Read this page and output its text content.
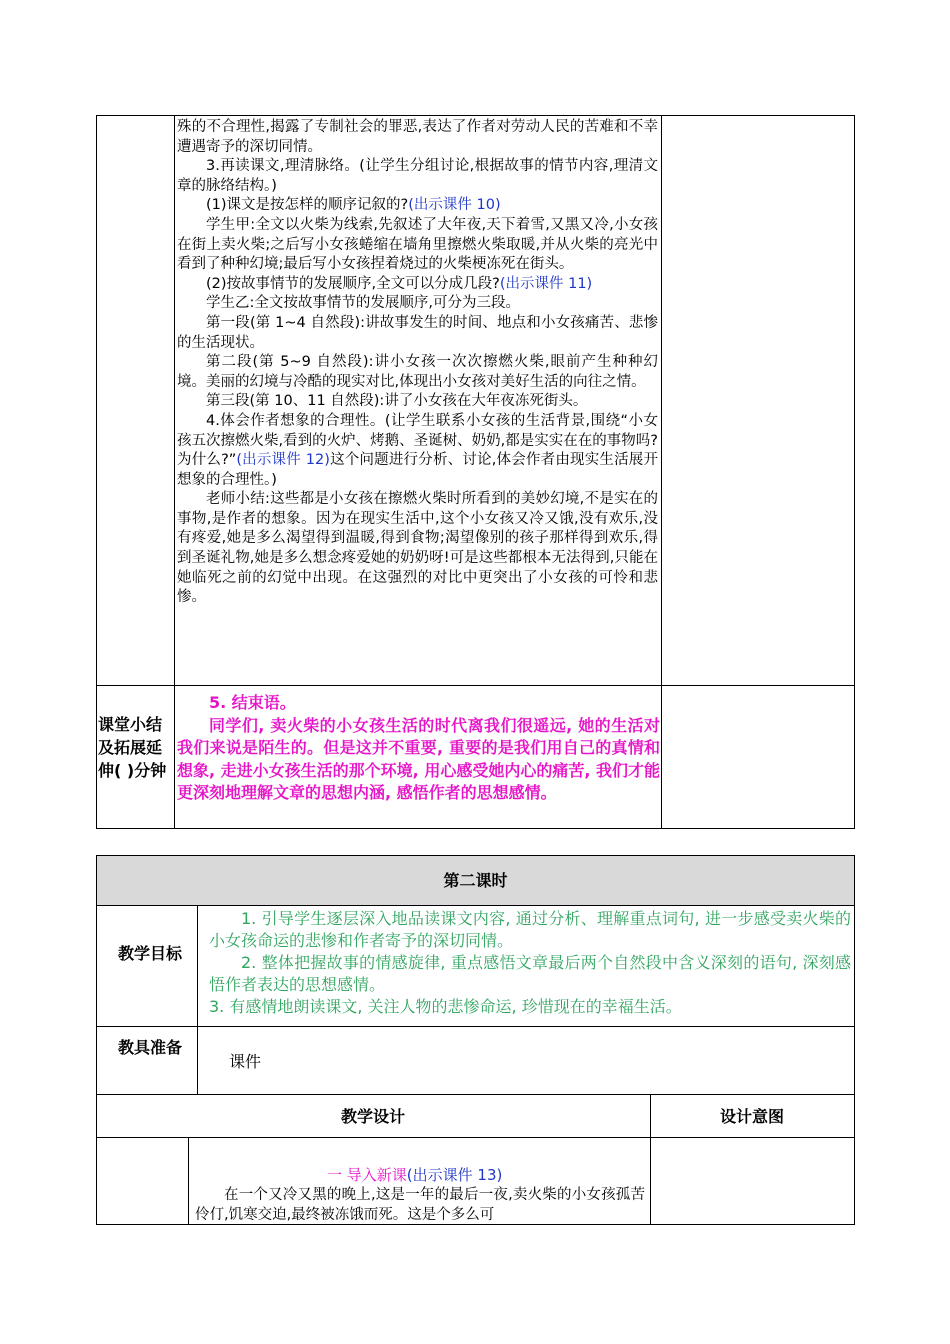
殊的不合理性,揭露了专制社会的罪恶,表达了作者对劳动人民的苦难和不幸遭遇寄予的深切同情。

3.再读课文,理清脉络。(让学生分组讨论,根据故事的情节内容,理清文章的脉络结构。)

(1)课文是按怎样的顺序记叙的?(出示课件 10)

学生甲:全文以火柴为线索,先叙述了大年夜,天下着雪,又黑又冷,小女孩在街上卖火柴;之后写小女孩蜷缩在墙角里擦燃火柴取暖,并从火柴的亮光中看到了种种幻境;最后写小女孩捏着烧过的火柴梗冻死在街头。

(2)按故事情节的发展顺序,全文可以分成几段?(出示课件 11)

学生乙:全文按故事情节的发展顺序,可分为三段。

第一段(第 1~4 自然段):讲故事发生的时间、地点和小女孩痛苦、悲惨的生活现状。

第二段(第 5~9 自然段):讲小女孩一次次擦燃火柴,眼前产生种种幻境。美丽的幻境与冷酷的现实对比,体现出小女孩对美好生活的向往之情。

第三段(第 10、11 自然段):讲了小女孩在大年夜冻死街头。

4.体会作者想象的合理性。(让学生联系小女孩的生活背景,围绕“小女孩五次擦燃火柴,看到的火炉、烤鹅、圣诞树、奶奶,都是实实在在的事物吗?为什么?”(出示课件 12)这个问题进行分析、讨论,体会作者由现实生活展开想象的合理性。)

老师小结:这些都是小女孩在擦燃火柴时所看到的美妙幻境,不是实在的事物,是作者的想象。因为在现实生活中,这个小女孩又冷又饿,没有欢乐,没有疼爱,她是多么渴望得到温暖,得到食物;渴望像别的孩子那样得到欢乐,得到圣诞礼物,她是多么想念疼爱她的奶奶呀!可是这些都根本无法得到,只能在她临死之前的幻觉中出现。在这强烈的对比中更突出了小女孩的可怜和悲惨。

课堂小结及拓展延伸( )分钟

5. 结束语。

同学们, 卖火柴的小女孩生活的时代离我们很遥远, 她的生活对我们来说是陌生的。但是这并不重要, 重要的是我们用自己的真情和想象, 走进小女孩生活的那个环境, 用心感受她内心的痛苦, 我们才能更深刻地理解文章的思想内涵, 感悟作者的思想感情。

第二课时
教学目标

1. 引导学生逐层深入地品读课文内容, 通过分析、理解重点词句, 进一步感受卖火柴的小女孩命运的悲惨和作者寄予的深切同情。

2. 整体把握故事的情感旋律, 重点感悟文章最后两个自然段中含义深刻的语句, 深刻感悟作者表达的思想感情。

3. 有感情地朗读课文, 关注人物的悲惨命运, 珍惜现在的幸福生活。

教具准备
课件
教学设计	设计意图

一 导入新课(出示课件 13)

在一个又冷又黑的晚上,这是一年的最后一夜,卖火柴的小女孩孤苦伶仃,饥寒交迫,最终被冻饿而死。这是个多么可
